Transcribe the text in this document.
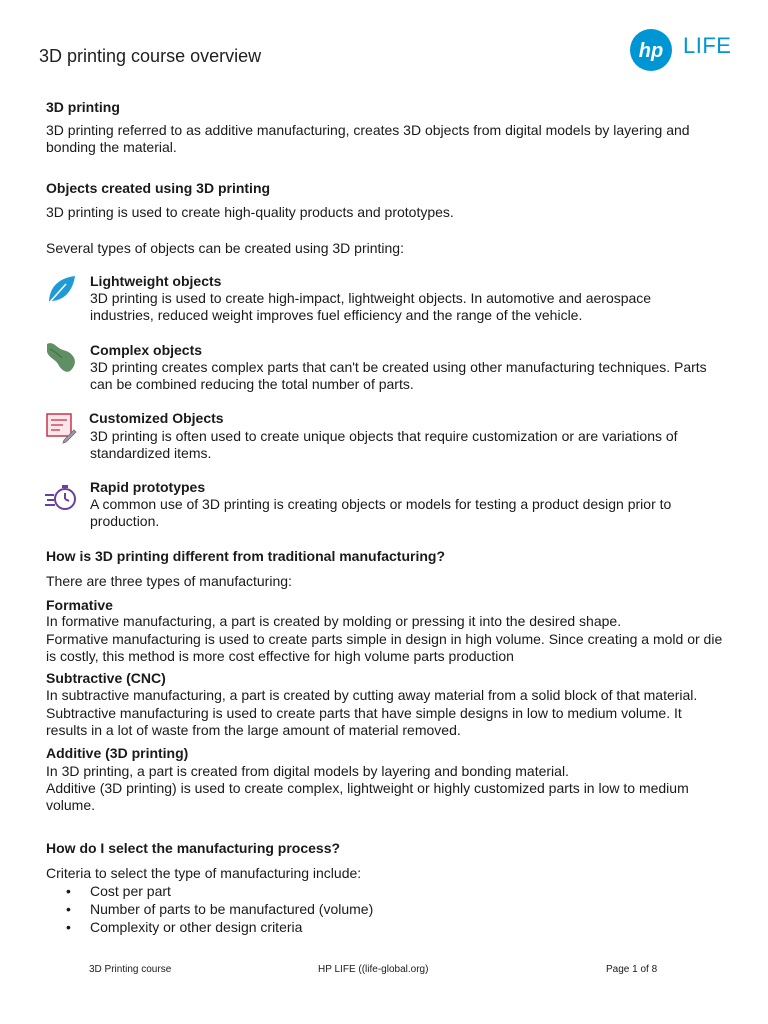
3D printing course overview	hp LIFE
3D printing
3D printing referred to as additive manufacturing, creates 3D objects from digital models by layering and bonding the material.
Objects created using 3D printing
3D printing is used to create high-quality products and prototypes.
Several types of objects can be created using 3D printing:
Lightweight objects
3D printing is used to create high-impact, lightweight objects. In automotive and aerospace industries, reduced weight improves fuel efficiency and the range of the vehicle.
Complex objects
3D printing creates complex parts that can't be created using other manufacturing techniques. Parts can be combined reducing the total number of parts.
Customized Objects
3D printing is often used to create unique objects that require customization or are variations of standardized items.
Rapid prototypes
A common use of 3D printing is creating objects or models for testing a product design prior to production.
How is 3D printing different from traditional manufacturing?
There are three types of manufacturing:
Formative
In formative manufacturing, a part is created by molding or pressing it into the desired shape.
Formative manufacturing is used to create parts simple in design in high volume. Since creating a mold or die is costly, this method is more cost effective for high volume parts production
Subtractive (CNC)
In subtractive manufacturing, a part is created by cutting away material from a solid block of that material.
Subtractive manufacturing is used to create parts that have simple designs in low to medium volume. It results in a lot of waste from the large amount of material removed.
Additive (3D printing)
In 3D printing, a part is created from digital models by layering and bonding material.
Additive (3D printing) is used to create complex, lightweight or highly customized parts in low to medium volume.
How do I select the manufacturing process?
Criteria to select the type of manufacturing include:
• Cost per part
• Number of parts to be manufactured (volume)
• Complexity or other design criteria
3D Printing course	HP LIFE ((life-global.org)	Page 1 of 8
